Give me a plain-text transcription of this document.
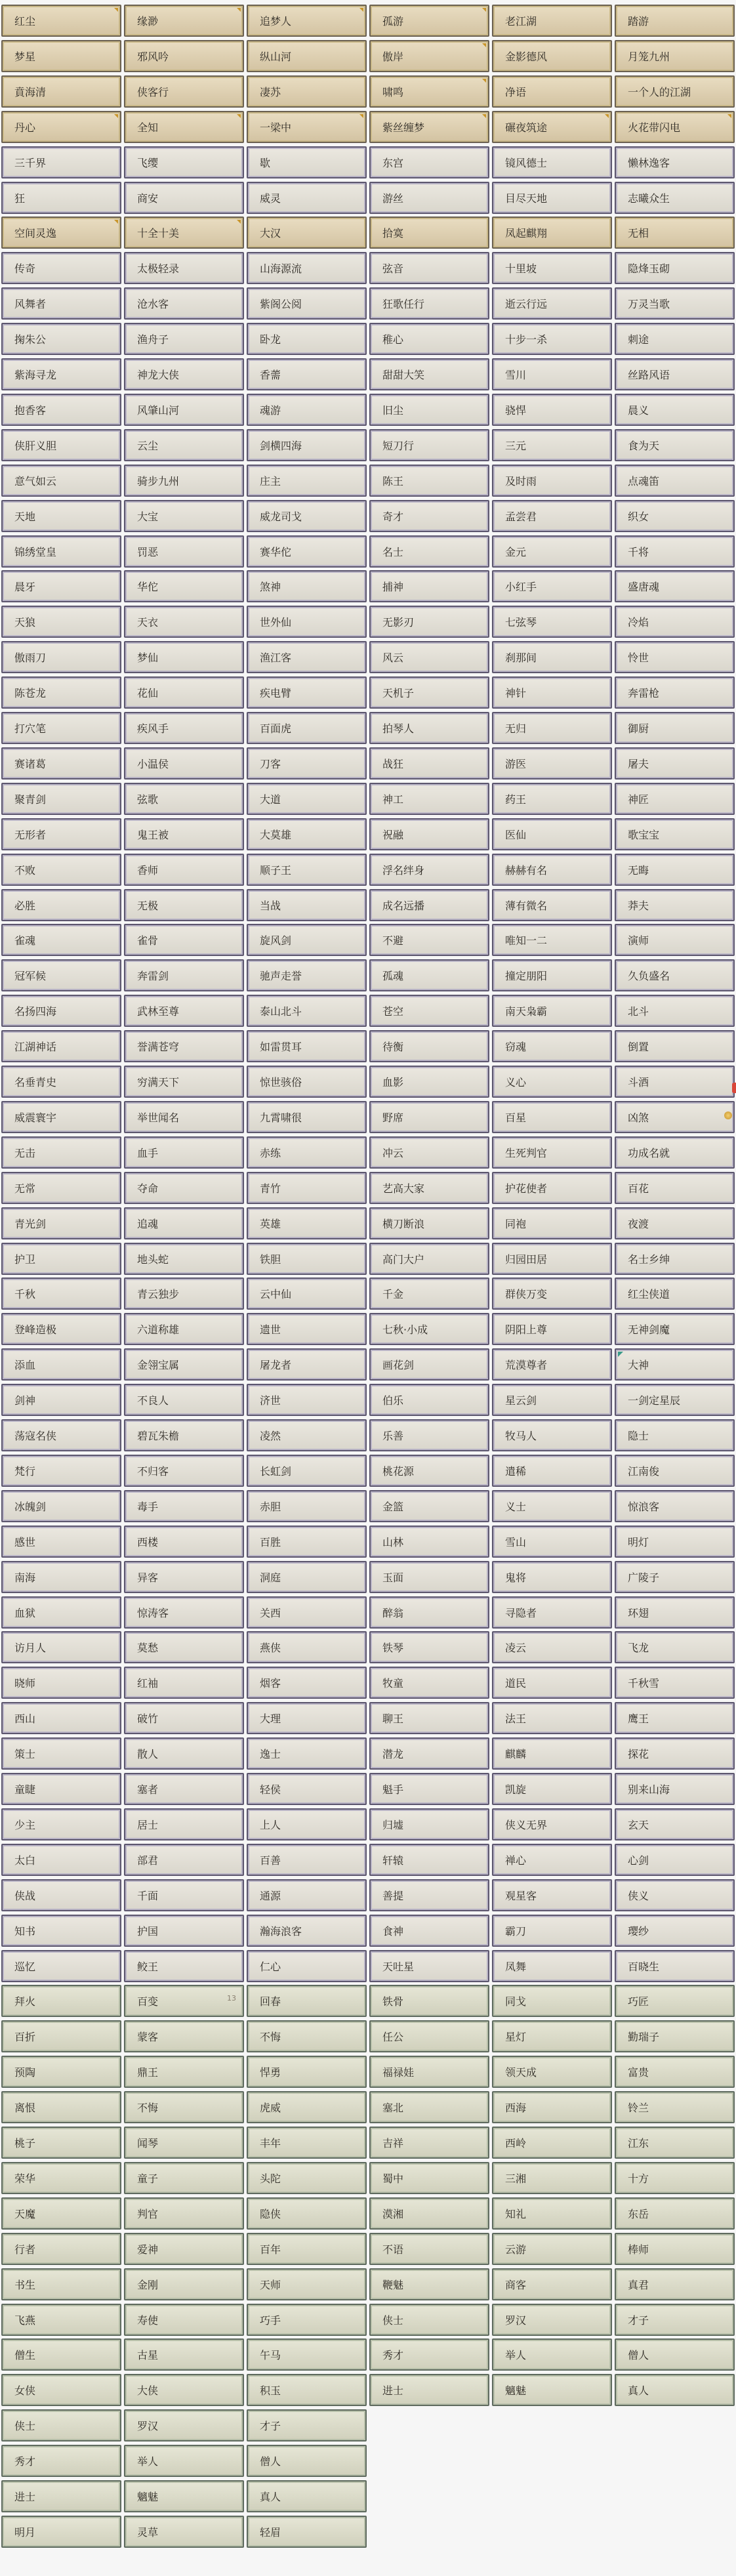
红尘	缘渺	追梦人	孤游	老江湖	踏游
梦星	邪风吟	纵山河	傲岸	金影德风	月笼九州
賁海清	侠客行	凄苏	啸鸣	净语	一个人的江湖
丹心	全知	一梁中	紫丝缠梦	碾夜筑途	火花带闪电
三千界	飞缨	歇	东宫	镜风德士	懒林逸客
狂	商安	威灵	游丝	目尽天地	志曦众生
空间灵逸	十全十美	大汉	拾寞	凤起麒翔	无相
传奇	太极轻录	山海源流	弦音	十里坡	隐烽玉砌
风舞者	沧水客	紫阁公阅	狂歌任行	逝云行远	万灵当歌
掬朱公	渔舟子	卧龙	稚心	十步一杀	刺途
紫海寻龙	神龙大侠	香薷	甜甜大笑	雪川	丝路风语
抱香客	风肇山河	魂游	旧尘	骁悍	晨义
侠肝义胆	云尘	剑横四海	短刀行	三元	食为天
意气如云	骑步九州	庄主	陈王	及时雨	点魂笛
天地	大宝	威龙司戈	奇才	孟尝君	织女
锦绣堂皇	罚恶	赛华佗	名士	金元	千将
晨牙	华佗	煞神	捕神	小红手	盛唐魂
天狼	天衣	世外仙	无影刃	七弦琴	冷焰
傲雨刀	梦仙	渔江客	风云	刹那间	怜世
陈苍龙	花仙	疾电臂	天机子	神针	奔雷枪
打穴笔	疾风手	百面虎	拍琴人	无归	御厨
赛诸葛	小温侯	刀客	战狂	游医	屠夫
聚青剑	弦歌	大道	神工	药王	神匠
无形者	鬼王被	大莫雄	祝融	医仙	歌宝宝
不败	香师	顺子王	浮名绊身	赫赫有名	无晦
必胜	无极	当战	成名远播	薄有微名	莽夫
雀魂	雀骨	旋风剑	不避	唯知一二	演师
冠军候	奔雷剑	驰声走誉	孤魂	撞定朋阳	久负盛名
名扬四海	武林至尊	泰山北斗	苍空	南天枭霸	北斗
江湖神话	誉满苍穹	如雷贯耳	待衡	窃魂	倒置
名垂青史	穷满天下	惊世骇俗	血影	义心	斗酒
威震寰宇	举世闻名	九霄啸很	野席	百星	凶煞
无击	血手	赤练	冲云	生死判官	功成名就
无常	夺命	青竹	艺高大家	护花使者	百花
青光剑	追魂	英雄	横刀断浪	同袍	夜渡
护卫	地头蛇	铁胆	高门大户	归园田居	名士乡绅
千秋	青云独步	云中仙	千金	群侠万变	红尘侠道
登峰造极	六道称雄	遗世	七秋·小成	阴阳上尊	无神剑魔
添血	金翎宝属	屠龙者	画花剑	荒漠尊者	大神
剑神	不良人	济世	伯乐	星云剑	一剑定星辰
荡寇名侠	碧瓦朱檐	凌然	乐善	牧马人	隐士
梵行	不归客	长虹剑	桃花源	遣稀	江南俊
冰魄剑	毒手	赤胆	金篮	义士	惊浪客
感世	西楼	百胜	山林	雪山	明灯
南海	异客	洞庭	玉面	鬼将	广陵子
血狱	惊涛客	关西	醉翁	寻隐者	环翅
访月人	莫愁	燕侠	铁琴	凌云	飞龙
晓师	红袖	烟客	牧童	道民	千秋雪
西山	破竹	大理	聊王	法王	鹰王
策士	散人	逸士	潜龙	麒麟	探花
童睫	塞者	轻侯	魁手	凯旋	别来山海
少主	居士	上人	归墟	侠义无界	玄天
太白	部君	百善	轩辕	禅心	心剑
侠战	千面	通源	善提	观星客	侠义
知书	护国	瀚海浪客	食神	霸刀	璎纱
巡忆	鲛王	仁心	天吐星	凤舞	百晓生
拜火	百变	13 回春	铁骨	同戈	巧匠
百折	蒙客	不悔	任公	星灯	勤瑞子
预陶	鼎王	悍勇	福禄娃	领天成	富贵
离恨	不悔	虎威	塞北	西海	铃兰
桃子	闻琴	丰年	吉祥	西岭	江东
荣华	童子	头陀	蜀中	三湘	十方
天魔	判官	隐侠	漠湘	知礼	东岳
行者	爱神	百年	不语	云游	棒师
书生	金刚	天师	鞭魅	商客	真君
飞燕	寿使	巧手	侠士	罗汉	才子
僧生	古星	午马	秀才	举人	僧人
女侠	大侠	积玉	进士	魑魅	真人
侠士	罗汉	才子
秀才	举人	僧人
进士	魑魅	真人
明月	灵草	轻眉
